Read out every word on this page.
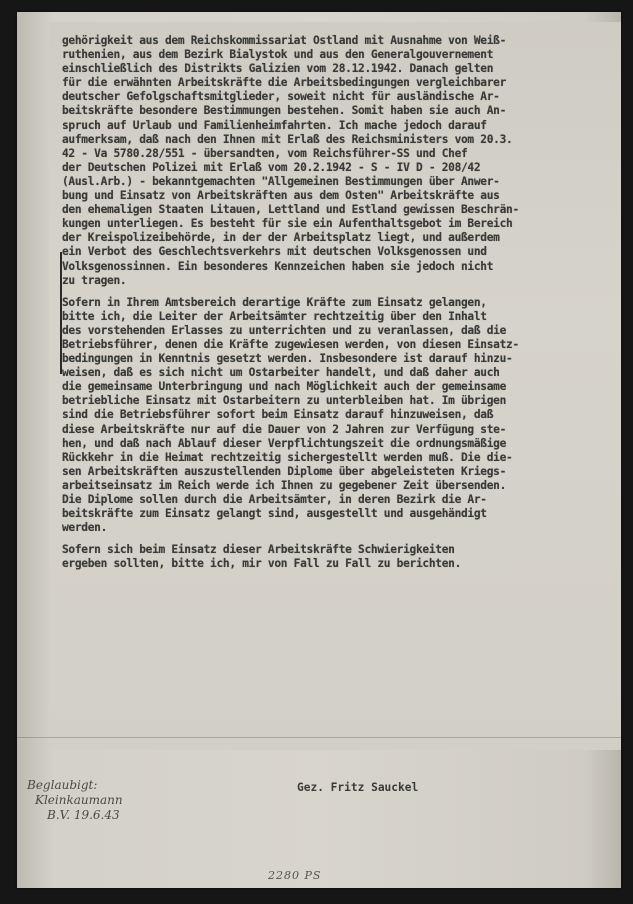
gehörigkeit aus dem Reichskommissariat Ostland mit Ausnahme von Weiß-
ruthenien, aus dem Bezirk Bialystok und aus den Generalgouvernement
einschließlich des Distrikts Galizien vom 28.12.1942. Danach gelten
für die erwähnten Arbeitskräfte die Arbeitsbedingungen vergleichbarer
deutscher Gefolgschaftsmitglieder, soweit nicht für ausländische Ar-
beitskräfte besondere Bestimmungen bestehen. Somit haben sie auch An-
spruch auf Urlaub und Familienheimfahrten. Ich mache jedoch darauf
aufmerksam, daß nach den Ihnen mit Erlaß des Reichsministers vom 20.3.
42 - Va 5780.28/551 - übersandten, vom Reichsführer-SS und Chef
der Deutschen Polizei mit Erlaß vom 20.2.1942 - S - IV D - 208/42
(Ausl.Arb.) - bekanntgemachten "Allgemeinen Bestimmungen über Anwer-
bung und Einsatz von Arbeitskräften aus dem Osten" Arbeitskräfte aus
den ehemaligen Staaten Litauen, Lettland und Estland gewissen Beschrän-
kungen unterliegen. Es besteht für sie ein Aufenthaltsgebot im Bereich
der Kreispolizeibehörde, in der der Arbeitsplatz liegt, und außerdem
ein Verbot des Geschlechtsverkehrs mit deutschen Volksgenossen und
Volksgenossinnen. Ein besonderes Kennzeichen haben sie jedoch nicht
zu tragen.
Sofern in Ihrem Amtsbereich derartige Kräfte zum Einsatz gelangen,
bitte ich, die Leiter der Arbeitsämter rechtzeitig über den Inhalt
des vorstehenden Erlasses zu unterrichten und zu veranlassen, daß die
Betriebsführer, denen die Kräfte zugewiesen werden, von diesen Einsatz-
bedingungen in Kenntnis gesetzt werden. Insbesondere ist darauf hinzu-
weisen, daß es sich nicht um Ostarbeiter handelt, und daß daher auch
die gemeinsame Unterbringung und nach Möglichkeit auch der gemeinsame
betriebliche Einsatz mit Ostarbeitern zu unterbleiben hat. Im übrigen
sind die Betriebsführer sofort beim Einsatz darauf hinzuweisen, daß
diese Arbeitskräfte nur auf die Dauer von 2 Jahren zur Verfügung ste-
hen, und daß nach Ablauf dieser Verpflichtungszeit die ordnungsmäßige
Rückkehr in die Heimat rechtzeitig sichergestellt werden muß. Die die-
sen Arbeitskräften auszustellenden Diplome über abgeleisteten Kriegs-
arbeitseinsatz im Reich werde ich Ihnen zu gegebener Zeit übersenden.
Die Diplome sollen durch die Arbeitsämter, in deren Bezirk die Ar-
beitskräfte zum Einsatz gelangt sind, ausgestellt und ausgehändigt
werden.
Sofern sich beim Einsatz dieser Arbeitskräfte Schwierigkeiten
ergeben sollten, bitte ich, mir von Fall zu Fall zu berichten.
Gez. Fritz Sauckel
Beglaubigt:
Kleinkaumann
B.V. 19.6.43
2280 PS
